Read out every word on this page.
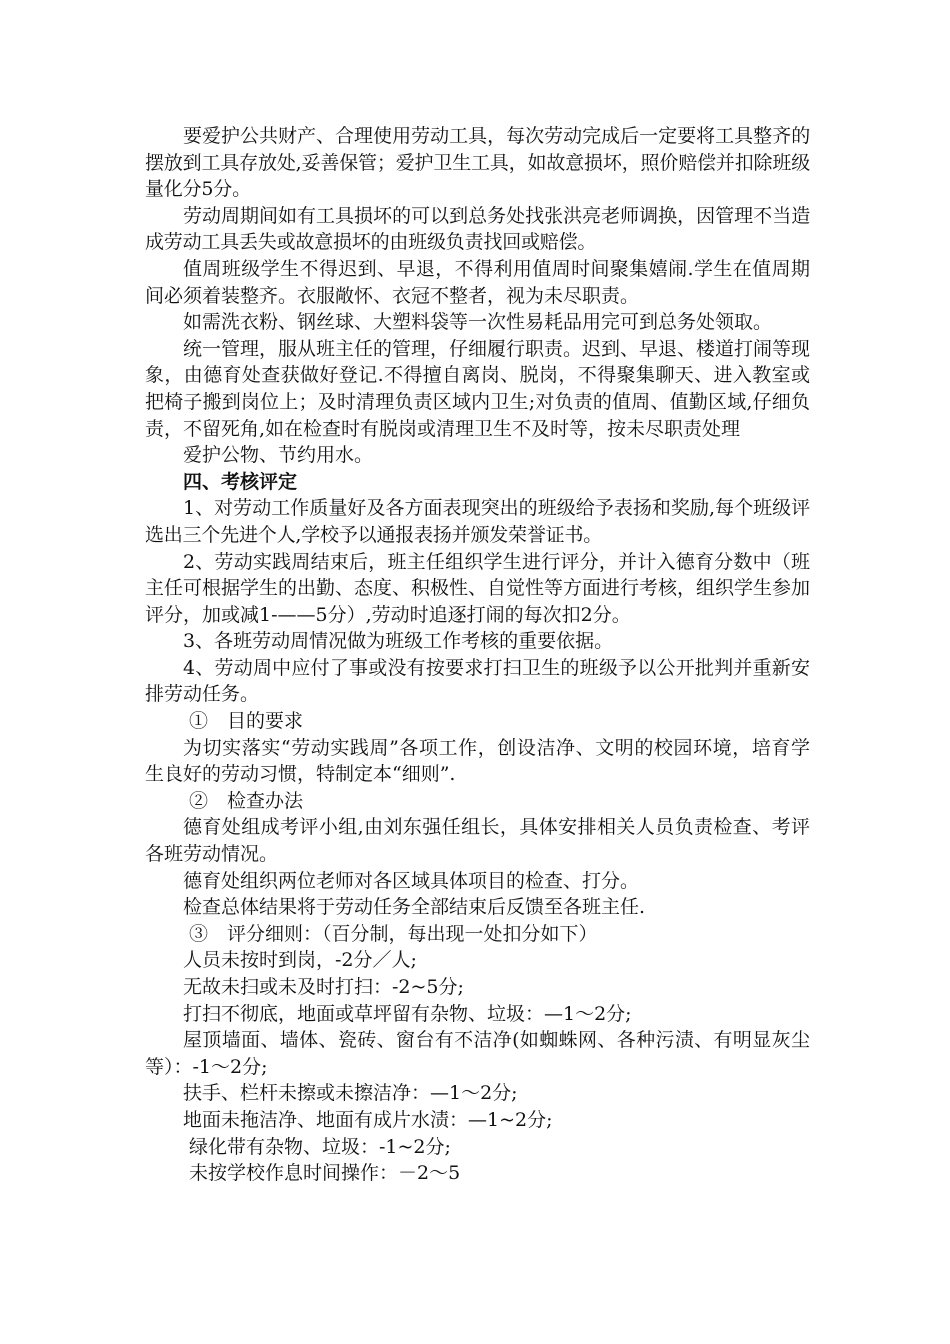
要爱护公共财产、合理使用劳动工具，每次劳动完成后一定要将工具整齐的摆放到工具存放处,妥善保管；爱护卫生工具，如故意损坏，照价赔偿并扣除班级量化分5分。

劳动周期间如有工具损坏的可以到总务处找张洪亮老师调换，因管理不当造成劳动工具丢失或故意损坏的由班级负责找回或赔偿。

值周班级学生不得迟到、早退，不得利用值周时间聚集嬉闹.学生在值周期间必须着装整齐。衣服敞怀、衣冠不整者，视为未尽职责。

如需洗衣粉、钢丝球、大塑料袋等一次性易耗品用完可到总务处领取。

统一管理，服从班主任的管理，仔细履行职责。迟到、早退、楼道打闹等现象，由德育处查获做好登记.不得擅自离岗、脱岗，不得聚集聊天、进入教室或把椅子搬到岗位上；及时清理负责区域内卫生;对负责的值周、值勤区域,仔细负责，不留死角,如在检查时有脱岗或清理卫生不及时等，按未尽职责处理

爱护公物、节约用水。

四、考核评定

1、对劳动工作质量好及各方面表现突出的班级给予表扬和奖励,每个班级评选出三个先进个人,学校予以通报表扬并颁发荣誉证书。

2、劳动实践周结束后，班主任组织学生进行评分，并计入德育分数中（班主任可根据学生的出勤、态度、积极性、自觉性等方面进行考核，组织学生参加评分，加或减1-——5分）,劳动时追逐打闹的每次扣2分。

3、各班劳动周情况做为班级工作考核的重要依据。

4、劳动周中应付了事或没有按要求打扫卫生的班级予以公开批判并重新安排劳动任务。

①　目的要求

为切实落实“劳动实践周”各项工作，创设洁净、文明的校园环境，培育学生良好的劳动习惯，特制定本“细则”.

②　检查办法

德育处组成考评小组,由刘东强任组长，具体安排相关人员负责检查、考评各班劳动情况。

德育处组织两位老师对各区域具体项目的检查、打分。

检查总体结果将于劳动任务全部结束后反馈至各班主任.

③　评分细则：（百分制，每出现一处扣分如下）

人员未按时到岗，-2分／人;

无故未扫或未及时打扫：-2~5分;

打扫不彻底，地面或草坪留有杂物、垃圾：—1～2分;

屋顶墙面、墙体、瓷砖、窗台有不洁净(如蜘蛛网、各种污渍、有明显灰尘等）：-1～2分;

扶手、栏杆未擦或未擦洁净：—1～2分;

地面未拖洁净、地面有成片水渍：—1~2分;

绿化带有杂物、垃圾：-1~2分;

未按学校作息时间操作：－2～5
